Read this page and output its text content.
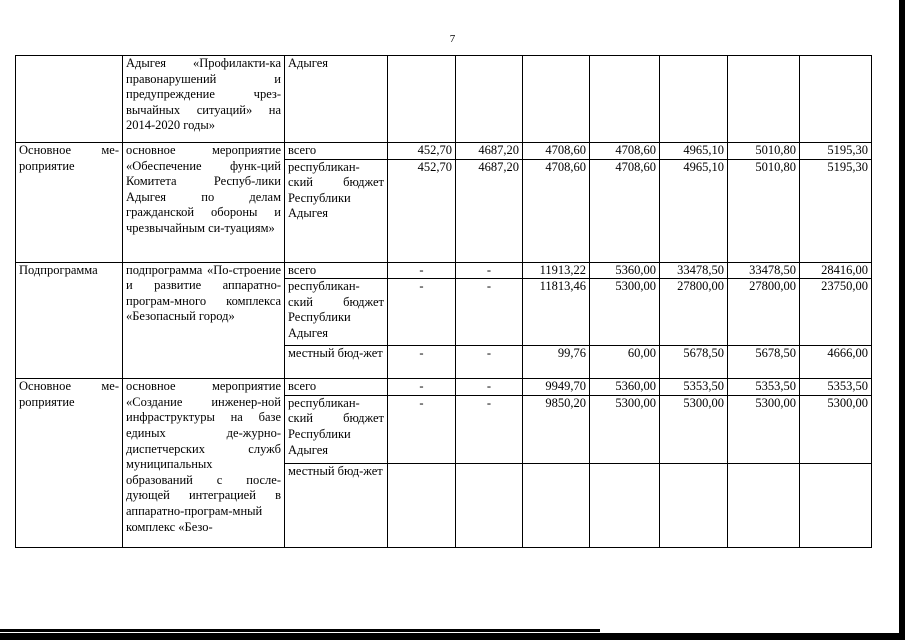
7
	Адыгея «Профилакти-ка правонарушений и предупреждение чрез-вычайных ситуаций» на 2014-2020 годы»	Адыгея							
Основное ме-роприятие	основное мероприятие «Обеспечение функ-ций Комитета Респуб-лики Адыгея по делам гражданской обороны и чрезвычайным си-туациям»	всего	452,70	4687,20	4708,60	4708,60	4965,10	5010,80	5195,30
		республикан-ский бюджет Республики Адыгея	452,70	4687,20	4708,60	4708,60	4965,10	5010,80	5195,30
Подпрограмма	подпрограмма «По-строение и развитие аппаратно-програм-много комплекса «Безопасный город»	всего	-	-	11913,22	5360,00	33478,50	33478,50	28416,00
		республикан-ский бюджет Республики Адыгея	-	-	11813,46	5300,00	27800,00	27800,00	23750,00
		местный бюд-жет	-	-	99,76	60,00	5678,50	5678,50	4666,00
Основное ме-роприятие	основное мероприятие «Создание инженер-ной инфраструктуры на базе единых де-журно-диспетчерских служб муниципальных образований с после-дующей интеграцией в аппаратно-програм-мный комплекс «Безо-	всего	-	-	9949,70	5360,00	5353,50	5353,50	5353,50
		республикан-ский бюджет Республики Адыгея	-	-	9850,20	5300,00	5300,00	5300,00	5300,00
		местный бюд-жет							
